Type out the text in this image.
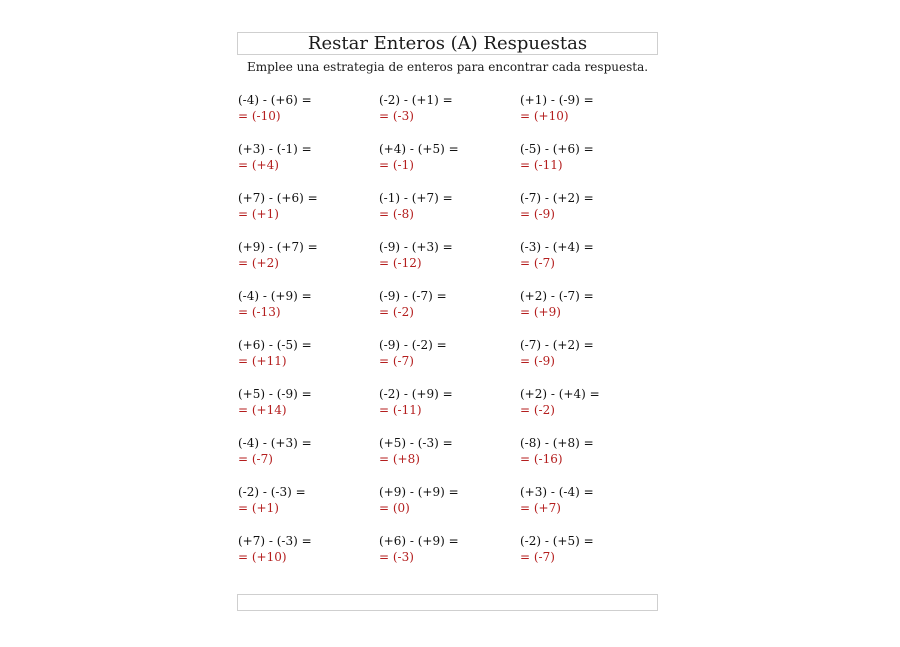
Restar Enteros (A) Respuestas
Emplee una estrategia de enteros para encontrar cada respuesta.
(-4) - (+6) =
= (-10)
(-2) - (+1) =
= (-3)
(+1) - (-9) =
= (+10)
(+3) - (-1) =
= (+4)
(+4) - (+5) =
= (-1)
(-5) - (+6) =
= (-11)
(+7) - (+6) =
= (+1)
(-1) - (+7) =
= (-8)
(-7) - (+2) =
= (-9)
(+9) - (+7) =
= (+2)
(-9) - (+3) =
= (-12)
(-3) - (+4) =
= (-7)
(-4) - (+9) =
= (-13)
(-9) - (-7) =
= (-2)
(+2) - (-7) =
= (+9)
(+6) - (-5) =
= (+11)
(-9) - (-2) =
= (-7)
(-7) - (+2) =
= (-9)
(+5) - (-9) =
= (+14)
(-2) - (+9) =
= (-11)
(+2) - (+4) =
= (-2)
(-4) - (+3) =
= (-7)
(+5) - (-3) =
= (+8)
(-8) - (+8) =
= (-16)
(-2) - (-3) =
= (+1)
(+9) - (+9) =
= (0)
(+3) - (-4) =
= (+7)
(+7) - (-3) =
= (+10)
(+6) - (+9) =
= (-3)
(-2) - (+5) =
= (-7)
